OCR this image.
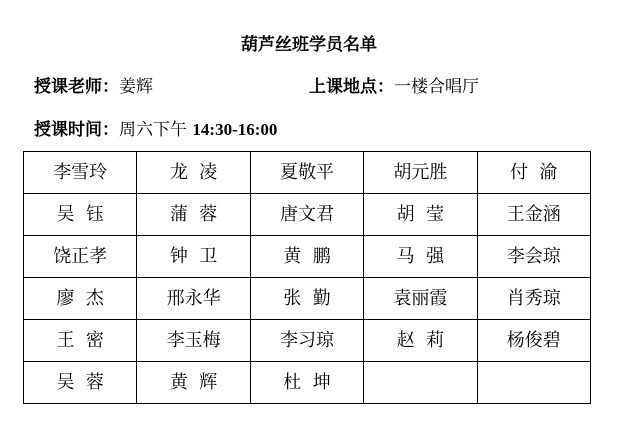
葫芦丝班学员名单
授课老师：姜辉	上课地点：一楼合唱厅
授课时间：周六下午 14:30-16:00
李雪玲	龙  凌	夏敬平	胡元胜	付  渝
吴  钰	蒲  蓉	唐文君	胡  莹	王金涵
饶正孝	钟  卫	黄  鹏	马  强	李会琼
廖  杰	邢永华	张  勤	袁丽霞	肖秀琼
王  密	李玉梅	李习琼	赵  莉	杨俊碧
吴  蓉	黄  辉	杜  坤		
